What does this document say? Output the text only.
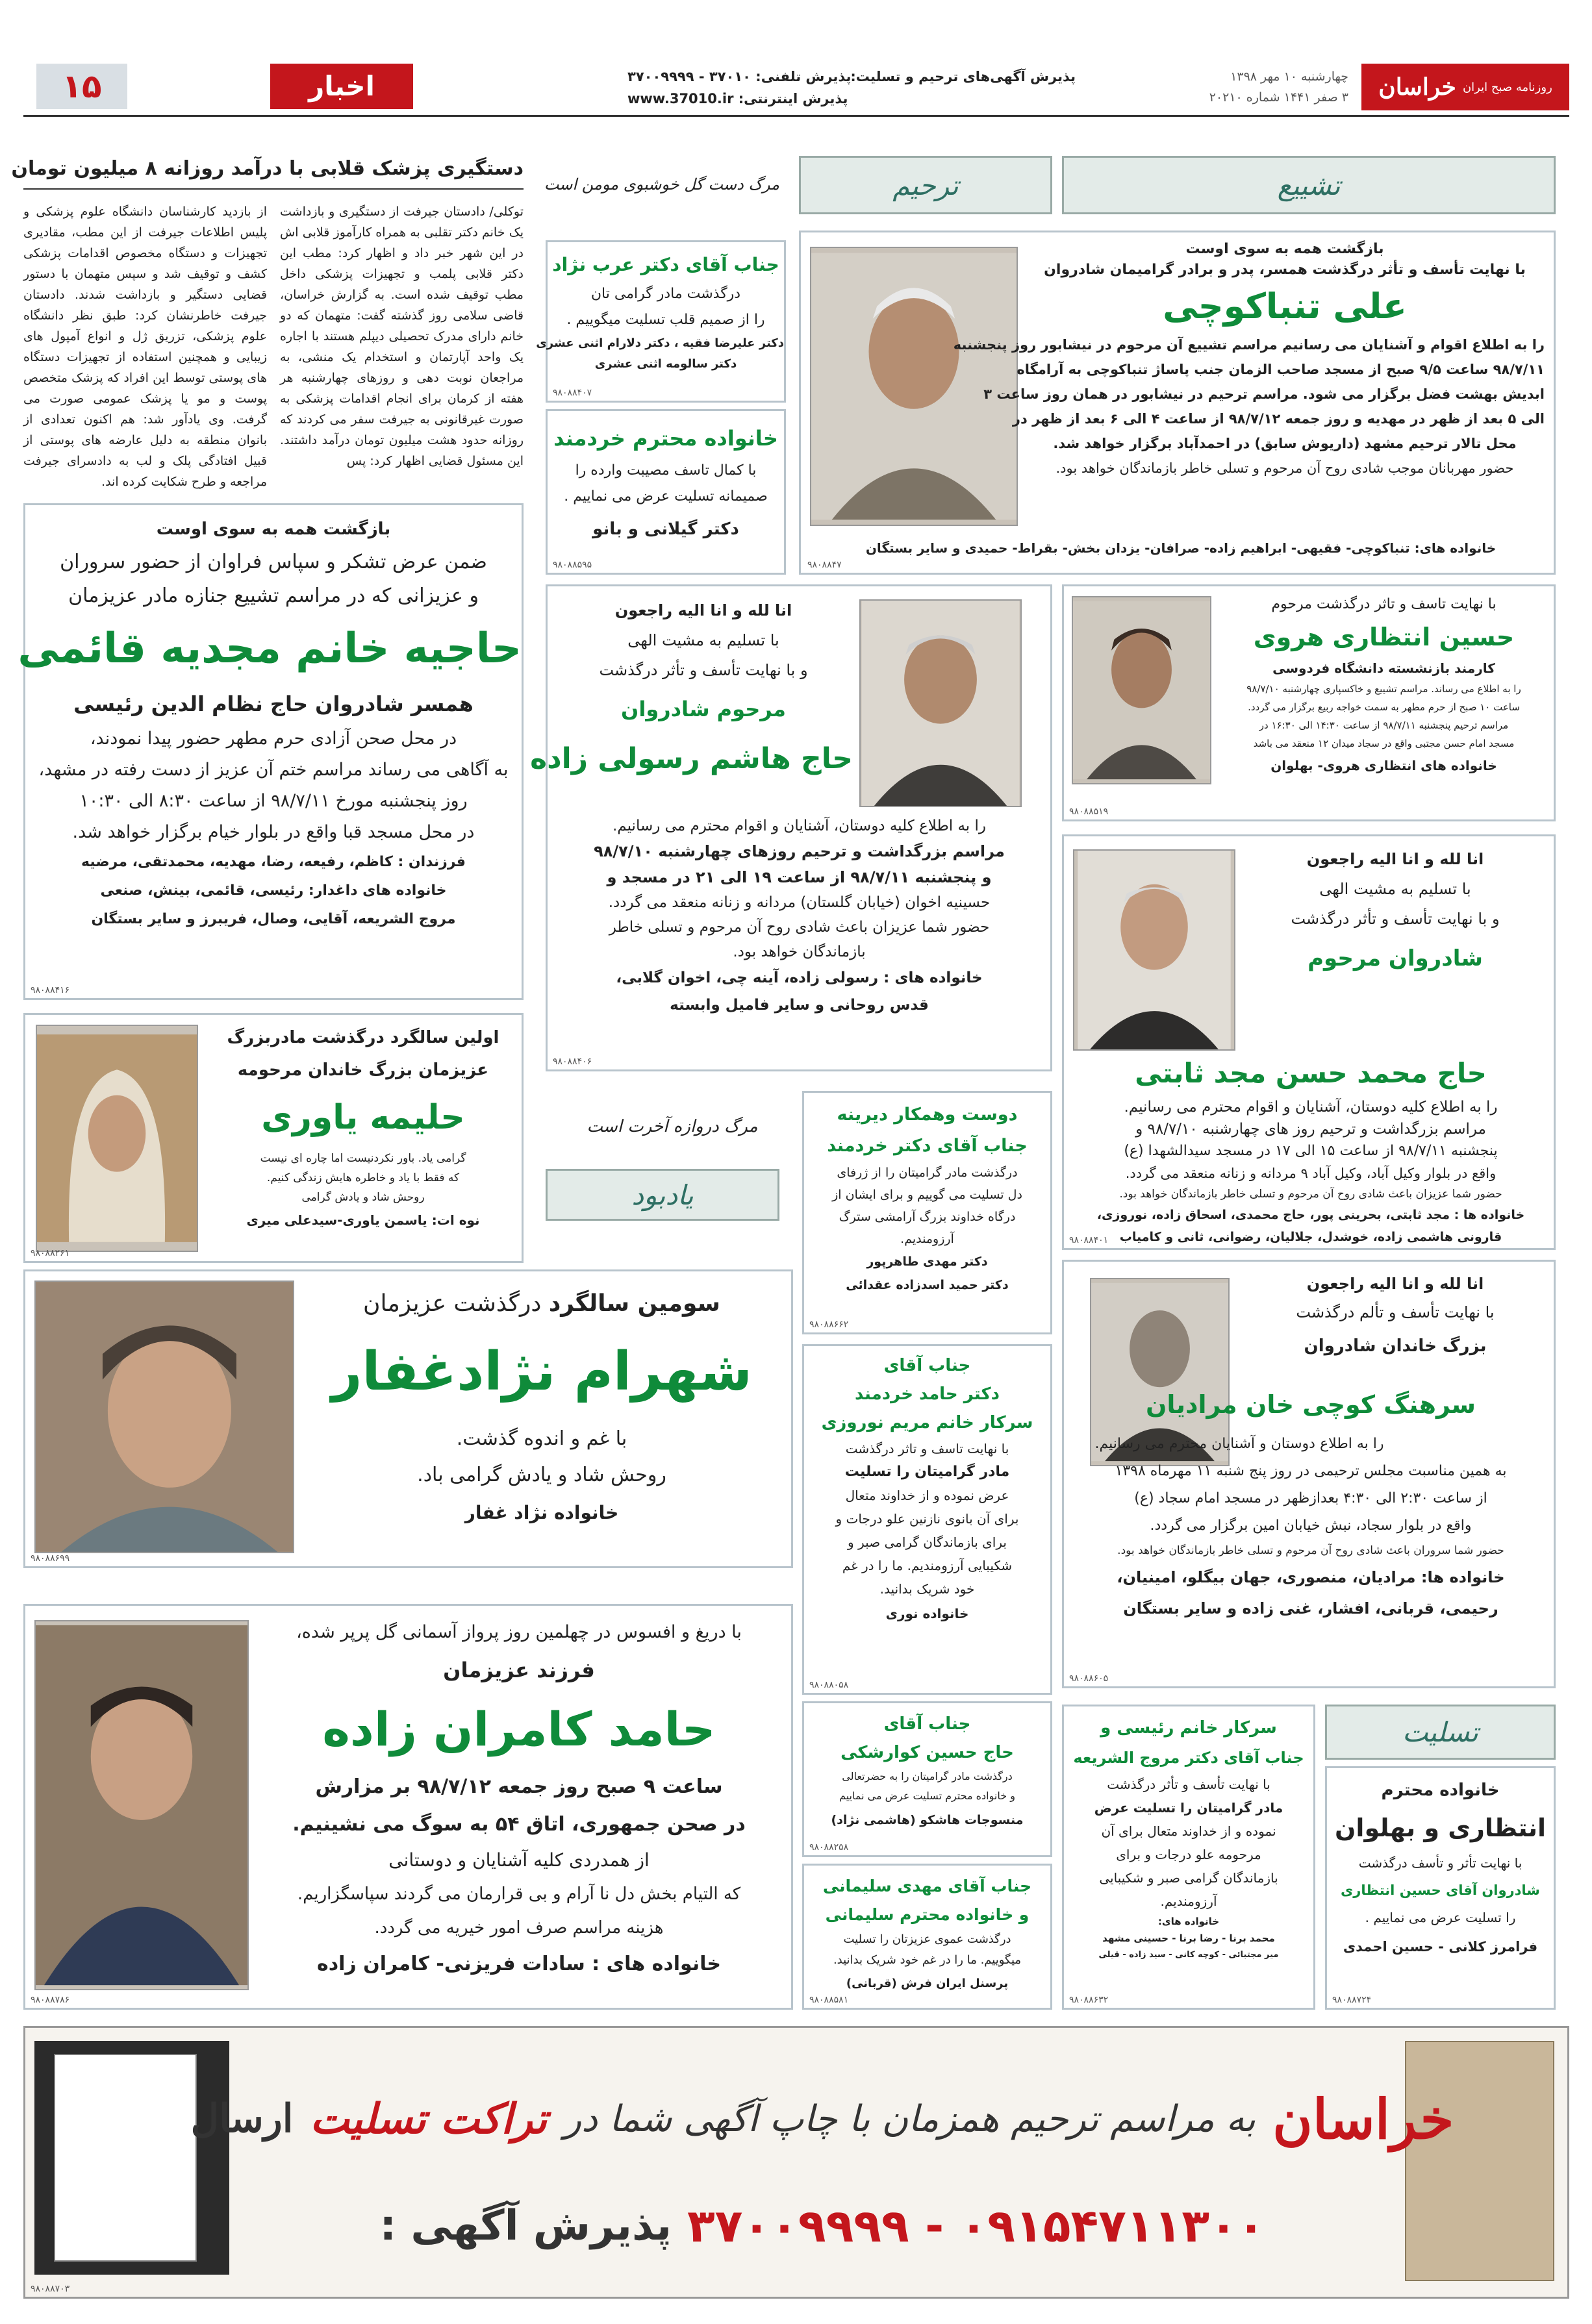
۱۵	اخبار	پذیرش آگهی‌های ترحیم و تسلیت:
پذیرش تلفنی: ۳۷۰۱۰ - ۳۷۰۰۹۹۹۹
پذیرش اینترنتی: www.37010.ir
چهارشنبه ۱۰ مهر ۱۳۹۸
۳ صفر ۱۴۴۱ شماره ۲۰۲۱۰
روزنامه صبح ایران
خراسان
دستگیری پزشک قلابی با درآمد روزانه ۸ میلیون تومان
توکلی/ دادستان جیرفت از دستگیری و بازداشت یک خانم دکتر تقلبی به همراه کارآموز قلابی اش در این شهر خبر داد و اظهار کرد: مطب این دکتر قلابی پلمب و تجهیزات پزشکی داخل مطب توقیف شده است. به گزارش خراسان، قاضی سلامی روز گذشته گفت: متهمان که دو خانم دارای مدرک تحصیلی دیپلم هستند با اجاره یک واحد آپارتمان و استخدام یک منشی، به مراجعان نوبت دهی و روزهای چهارشنبه هر هفته از کرمان برای انجام اقدامات پزشکی به صورت غیرقانونی به جیرفت سفر می کردند که روزانه حدود هشت میلیون تومان درآمد داشتند. این مسئول قضایی اظهار کرد: پس
از بازدید کارشناسان دانشگاه علوم پزشکی و پلیس اطلاعات جیرفت از این مطب، مقادیری تجهیزات و دستگاه مخصوص اقدامات پزشکی کشف و توقیف شد و سپس متهمان با دستور قضایی دستگیر و بازداشت شدند. دادستان جیرفت خاطرنشان کرد: طبق نظر دانشگاه علوم پزشکی، تزریق ژل و انواع آمپول های زیبایی و همچنین استفاده از تجهیزات دستگاه های پوستی توسط این افراد که پزشک متخصص پوست و مو یا پزشک عمومی صورت می گرفت. وی یادآور شد: هم اکنون تعدادی از بانوان منطقه به دلیل عارضه های پوستی از قبیل افتادگی پلک و لب به دادسرای جیرفت مراجعه و طرح شکایت کرده اند.
تشییع
ترحیم
مرگ دست گل خوشبوی مومن است

بازگشت همه به سوی اوست

با نهایت تأسف و تأثر درگذشت همسر، پدر و برادر گرامیمان شادروان

علی تنباکوچی

را به اطلاع اقوام و آشنایان می رسانیم مراسم تشییع آن مرحوم در نیشابور روز پنجشنبه

۹۸/۷/۱۱ ساعت ۹/۵ صبح از مسجد صاحب الزمان جنب پاساژ تنباکوچی به آرامگاه

ابدیش بهشت فضل برگزار می شود. مراسم ترحیم در نیشابور در همان روز ساعت ۳

الی ۵ بعد از ظهر در مهدیه و روز جمعه ۹۸/۷/۱۲ از ساعت ۴ الی ۶ بعد از ظهر در

محل تالار ترحیم مشهد (داریوش سابق) در احمدآباد برگزار خواهد شد.

حضور مهربانان موجب شادی روح آن مرحوم و تسلی خاطر بازماندگان خواهد بود.

خانواده های: تنباکوچی- فقیهی- ابراهیم زاده- صرافان- یزدان بخش- بقراط- حمیدی و سایر بستگان
۹۸۰۸۸۴۷

جناب آقای دکتر عرب نژاد

درگذشت مادر گرامی تان

را از صمیم قلب تسلیت میگوییم .

دکتر علیرضا فقیه ، دکتر دلارام اثنی عشری

دکتر سالومه اثنی عشری

۹۸۰۸۸۴۰۷

خانواده محترم خردمند

با کمال تاسف مصیبت وارده را

صمیمانه تسلیت عرض می نماییم .

دکتر گیلانی و بانو

۹۸۰۸۸۵۹۵

با نهایت تاسف و تاثر درگذشت مرحوم

حسین انتظاری هروی

کارمند بازنشسته دانشگاه فردوسی

را به اطلاع می رساند. مراسم تشییع و خاکسپاری چهارشنبه ۹۸/۷/۱۰

ساعت ۱۰ صبح از حرم مطهر به سمت خواجه ربیع برگزار می گردد.

مراسم ترحیم پنجشنبه ۹۸/۷/۱۱ از ساعت ۱۴:۳۰ الی ۱۶:۳۰ در

مسجد امام حسن مجتبی واقع در سجاد میدان ۱۲ منعقد می باشد

خانواده های انتظاری هروی- بهلوان

۹۸۰۸۸۵۱۹

بازگشت همه به سوی اوست

ضمن عرض تشکر و سپاس فراوان از حضور سروران

و عزیزانی که در مراسم تشییع جنازه مادر عزیزمان

حاجیه خانم مجدیه قائمی

همسر شادروان حاج نظام الدین رئیسی

در محل صحن آزادی حرم مطهر حضور پیدا نمودند،

به آگاهی می رساند مراسم ختم آن عزیز از دست رفته در مشهد،

روز پنجشنبه مورخ ۹۸/۷/۱۱ از ساعت ۸:۳۰ الی ۱۰:۳۰

در محل مسجد قبا واقع در بلوار خیام برگزار خواهد شد.

فرزندان : کاظم، رفیعه، رضا، مهدیه، محمدتقی، مرضیه

خانواده های داغدار: رئیسی، قائمی، بینش، صنعی

مروج الشریعه، آقایی، وصال، فریبرز و سایر بستگان

۹۸۰۸۸۴۱۶

انا لله و انا الیه راجعون

با تسلیم به مشیت الهی

و با نهایت تأسف و تأثر درگذشت

مرحوم شادروان

حاج هاشم رسولی زاده

را به اطلاع کلیه دوستان، آشنایان و اقوام محترم می رسانیم.

مراسم بزرگداشت و ترحیم روزهای چهارشنبه ۹۸/۷/۱۰

و پنجشنبه ۹۸/۷/۱۱ از ساعت ۱۹ الی ۲۱ در مسجد و

حسینیه اخوان (خیابان گلستان) مردانه و زنانه منعقد می گردد.

حضور شما عزیزان باعث شادی روح آن مرحوم و تسلی خاطر

بازماندگان خواهد بود.

خانواده های : رسولی زاده، آینه چی، اخوان گلابی،

قدس روحانی و سایر فامیل وابسته

۹۸۰۸۸۴۰۶

انا لله و انا الیه راجعون

با تسلیم به مشیت الهی

و با نهایت تأسف و تأثر درگذشت

شادروان مرحوم

حاج محمد حسن مجد ثابتی

را به اطلاع کلیه دوستان، آشنایان و اقوام محترم می رسانیم.

مراسم بزرگداشت و ترحیم روز های چهارشنبه ۹۸/۷/۱۰ و

پنجشنبه ۹۸/۷/۱۱ از ساعت ۱۵ الی ۱۷ در مسجد سیدالشهدا (ع)

واقع در بلوار وکیل آباد، وکیل آباد ۹ مردانه و زنانه منعقد می گردد.

حضور شما عزیزان باعث شادی روح آن مرحوم و تسلی خاطر بازماندگان خواهد بود.

خانواده ها : مجد ثابتی، بحرینی پور، حاج محمدی، اسحاق زاده، نوروزی،

قارونی هاشمی زاده، خوشدل، جلالیان، رضوانی، ثانی و کامیاب

۹۸۰۸۸۴۰۱

اولین سالگرد درگذشت مادربزرگ

عزیزمان بزرگ خاندان مرحومه

حلیمه یاوری

گرامی یاد. باور نکردنیست اما چاره ای نیست

که فقط با یاد و خاطره هایش زندگی کنیم.

روحش شاد و یادش گرامی

نوه ات: یاسمن یاوری-سیدعلی میری

۹۸۰۸۸۲۶۱
مرگ دروازه آخرت است
یادبود

دوست وهمکار دیرینه

جناب آقای دکتر خردمند

درگذشت مادر گرامیتان را از ژرفای

دل تسلیت می گوییم و برای ایشان از

درگاه خداوند بزرگ آرامشی سترگ

آرزومندیم.

دکتر مهدی طاهرپور

دکتر حمید اسدزاده عقدائی

۹۸۰۸۸۶۶۲

انا لله و انا الیه راجعون

با نهایت تأسف و تألم درگذشت

بزرگ خاندان شادروان

سرهنگ کوچی خان مرادیان

را به اطلاع دوستان و آشنایان محترم می رسانیم.

به همین مناسبت مجلس ترحیمی در روز پنج شنبه ۱۱ مهرماه ۱۳۹۸

از ساعت ۲:۳۰ الی ۴:۳۰ بعدازظهر در مسجد امام سجاد (ع)

واقع در بلوار سجاد، نبش خیابان امین برگزار می گردد.

حضور شما سروران باعث شادی روح آن مرحوم و تسلی خاطر بازماندگان خواهد بود.

خانواده ها: مرادیان، منصوری، جهان بیگلو، امینیان،

رحیمی، قربانی، افشار، غنی زاده و سایر بستگان

۹۸۰۸۸۶۰۵

سومین سالگرد درگذشت عزیزمان

شهرام نژادغفار

با غم و اندوه گذشت.

روحش شاد و یادش گرامی باد.

خانواده نژاد غفار

۹۸۰۸۸۶۹۹

جناب آقای

دکتر حامد خردمند

سرکار خانم مریم نوروزی

با نهایت تاسف و تاثر درگذشت

مادر گرامیتان را تسلیت

عرض نموده و از خداوند متعال

برای آن بانوی نازنین علو درجات و

برای بازماندگان گرامی صبر و

شکیبایی آرزومندیم. ما را در غم

خود شریک بدانید.

خانواده نوری

۹۸۰۸۸۰۵۸

با دریغ و افسوس در چهلمین روز پرواز آسمانی گل پرپر شده،

فرزند عزیزمان

حامد کامران زاده

ساعت ۹ صبح روز جمعه ۹۸/۷/۱۲ بر مزارش

در صحن جمهوری، اتاق ۵۴ به سوگ می نشینیم.

از همدردی کلیه آشنایان و دوستانی

که التیام بخش دل نا آرام و بی قرارمان می گردند سپاسگزاریم.

هزینه مراسم صرف امور خیریه می گردد.

خانواده های : سادات فریزنی- کامران زاده

۹۸۰۸۸۷۸۶

جناب آقای

حاج حسین کوارشکی

درگذشت مادر گرامیتان را به حضرتعالی

و خانواده محترم تسلیت عرض می نماییم

منسوجات هاشکو (هاشمی نژاد)

۹۸۰۸۸۲۵۸

جناب آقای مهدی سلیمانی

و خانواده محترم سلیمانی

درگذشت عموی عزیزتان را تسلیت

میگوییم. ما را در غم خود شریک بدانید.

پرسنل ایران فرش (قربانی)

۹۸۰۸۸۵۸۱

سرکار خانم رئیسی و

جناب آقای دکتر مروج الشریعه

با نهایت تأسف و تأثر درگذشت

مادر گرامیتان را تسلیت عرض

نموده و از خداوند متعال برای آن

مرحومه علو درجات و برای

بازماندگان گرامی صبر و شکیبایی

آرزومندیم.

خانواده های:

محمد برنا - رضا برنا - حسینی مشهد

میر مجتبائی - کوچه کانی - سید زاده - قیلی

۹۸۰۸۸۶۳۲
تسلیت

خانواده محترم

انتظاری و بهلوان

با نهایت تأثر و تأسف درگذشت

شادروان آقای حسین انتظاری

را تسلیت عرض می نماییم .

فرامرز کلانی - حسین احمدی

۹۸۰۸۸۷۲۴
خراسان
به مراسم ترحیم همزمان با چاپ آگهی شما در
تراکت تسلیت
ارسال
۰۹۱۵۴۷۱۱۳۰۰ - ۳۷۰۰۹۹۹۹
پذیرش آگهی :
۹۸۰۸۸۷۰۳
